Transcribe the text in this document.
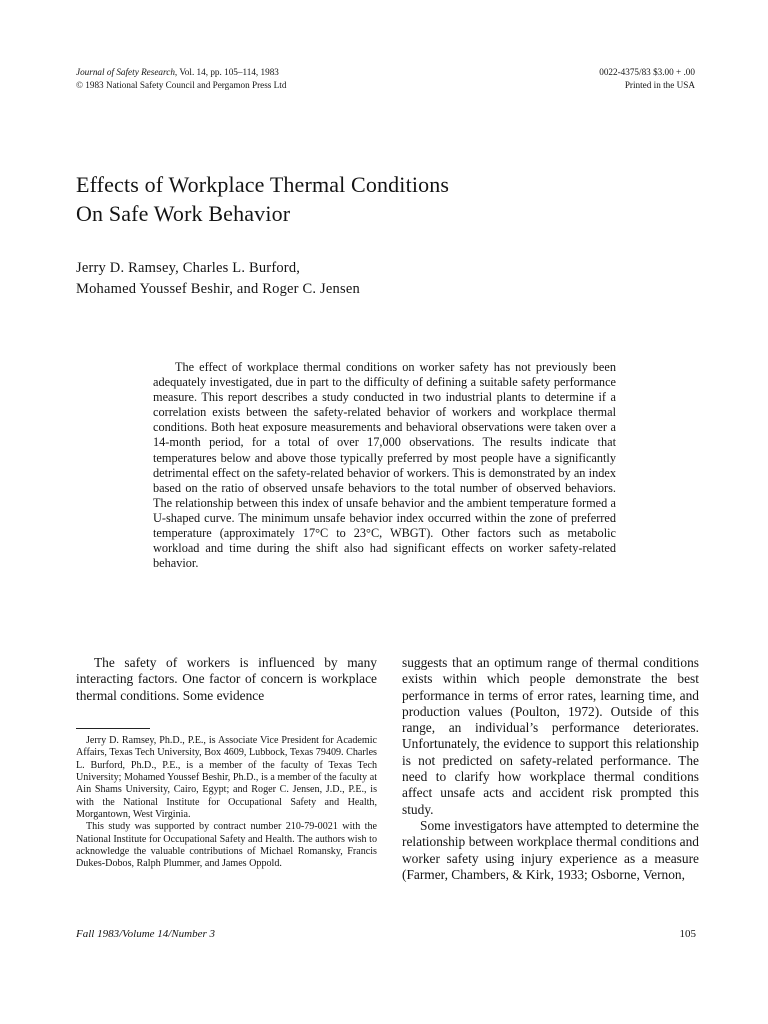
Journal of Safety Research, Vol. 14, pp. 105–114, 1983
© 1983 National Safety Council and Pergamon Press Ltd
0022-4375/83 $3.00 + .00
Printed in the USA
Effects of Workplace Thermal Conditions
On Safe Work Behavior
Jerry D. Ramsey, Charles L. Burford,
Mohamed Youssef Beshir, and Roger C. Jensen

The effect of workplace thermal conditions on worker safety has not previously been adequately investigated, due in part to the difficulty of defining a suitable safety performance measure. This report describes a study conducted in two industrial plants to determine if a correlation exists between the safety-related behavior of workers and workplace thermal conditions. Both heat exposure measurements and behavioral observations were taken over a 14-month period, for a total of over 17,000 observations. The results indicate that temperatures below and above those typically preferred by most people have a significantly detrimental effect on the safety-related behavior of workers. This is demonstrated by an index based on the ratio of observed unsafe behaviors to the total number of observed behaviors. The relationship between this index of unsafe behavior and the ambient temperature formed a U-shaped curve. The minimum unsafe behavior index occurred within the zone of preferred temperature (approximately 17°C to 23°C, WBGT). Other factors such as metabolic workload and time during the shift also had significant effects on worker safety-related behavior.

The safety of workers is influenced by many interacting factors. One factor of concern is workplace thermal conditions. Some evidence

Jerry D. Ramsey, Ph.D., P.E., is Associate Vice President for Academic Affairs, Texas Tech University, Box 4609, Lubbock, Texas 79409. Charles L. Burford, Ph.D., P.E., is a member of the faculty of Texas Tech University; Mohamed Youssef Beshir, Ph.D., is a member of the faculty at Ain Shams University, Cairo, Egypt; and Roger C. Jensen, J.D., P.E., is with the National Institute for Occupational Safety and Health, Morgantown, West Virginia.

This study was supported by contract number 210-79-0021 with the National Institute for Occupational Safety and Health. The authors wish to acknowledge the valuable contributions of Michael Romansky, Francis Dukes-Dobos, Ralph Plummer, and James Oppold.

suggests that an optimum range of thermal conditions exists within which people demonstrate the best performance in terms of error rates, learning time, and production values (Poulton, 1972). Outside of this range, an individual’s performance deteriorates. Unfortunately, the evidence to support this relationship is not predicted on safety-related performance. The need to clarify how workplace thermal conditions affect unsafe acts and accident risk prompted this study.

Some investigators have attempted to determine the relationship between workplace thermal conditions and worker safety using injury experience as a measure (Farmer, Chambers, & Kirk, 1933; Osborne, Vernon,

Fall 1983/Volume 14/Number 3	105
